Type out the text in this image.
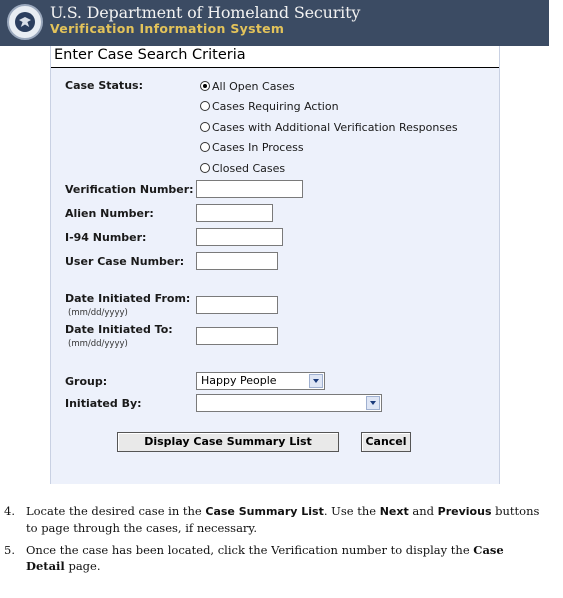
U.S. Department of Homeland Security
Verification Information System
Enter Case Search Criteria
Case Status:	All Open Cases
Cases Requiring Action
Cases with Additional Verification Responses
Cases In Process
Closed Cases
Verification Number:
Alien Number:
I-94 Number:
User Case Number:
Date Initiated From:
(mm/dd/yyyy)
Date Initiated To:
(mm/dd/yyyy)
Group:	Happy People
Initiated By:
Display Case Summary List	Cancel
4. Locate the desired case in the Case Summary List. Use the Next and Previous buttons to page through the cases, if necessary.
5. Once the case has been located, click the Verification number to display the Case Detail page.
